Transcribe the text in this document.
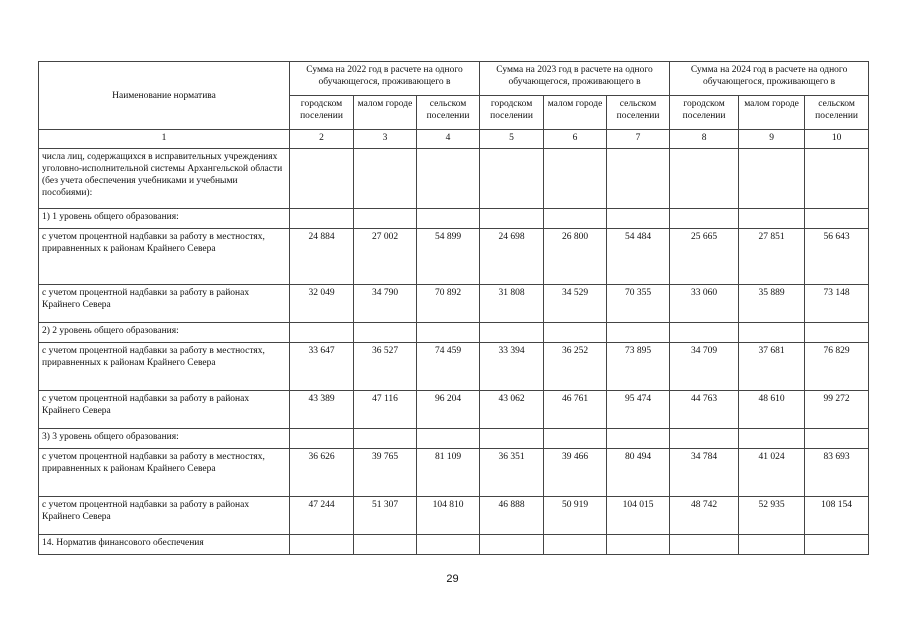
Наименование норматива	Сумма на 2022 год в расчете на одного обучающегося, проживающего в			Сумма на 2023 год в расчете на одного обучающегося, проживающего в			Сумма на 2024 год в расчете на одного обучающегося, проживающего в		
	городском поселении	малом городе	сельском поселении	городском поселении	малом городе	сельском поселении	городском поселении	малом городе	сельском поселении
1	2	3	4	5	6	7	8	9	10
числа лиц, содержащихся в исправительных учреждениях уголовно-исполнительной системы Архангельской области (без учета обеспечения учебниками и учебными пособиями):									
1) 1 уровень общего образования:									
с учетом процентной надбавки за работу в местностях, приравненных к районам Крайнего Севера	24 884	27 002	54 899	24 698	26 800	54 484	25 665	27 851	56 643
с учетом процентной надбавки за работу в районах Крайнего Севера	32 049	34 790	70 892	31 808	34 529	70 355	33 060	35 889	73 148
2) 2 уровень общего образования:									
с учетом процентной надбавки за работу в местностях, приравненных к районам Крайнего Севера	33 647	36 527	74 459	33 394	36 252	73 895	34 709	37 681	76 829
с учетом процентной надбавки за работу в районах Крайнего Севера	43 389	47 116	96 204	43 062	46 761	95 474	44 763	48 610	99 272
3) 3 уровень общего образования:									
с учетом процентной надбавки за работу в местностях, приравненных к районам Крайнего Севера	36 626	39 765	81 109	36 351	39 466	80 494	34 784	41 024	83 693
с учетом процентной надбавки за работу в районах Крайнего Севера	47 244	51 307	104 810	46 888	50 919	104 015	48 742	52 935	108 154
14. Норматив финансового обеспечения									
29
